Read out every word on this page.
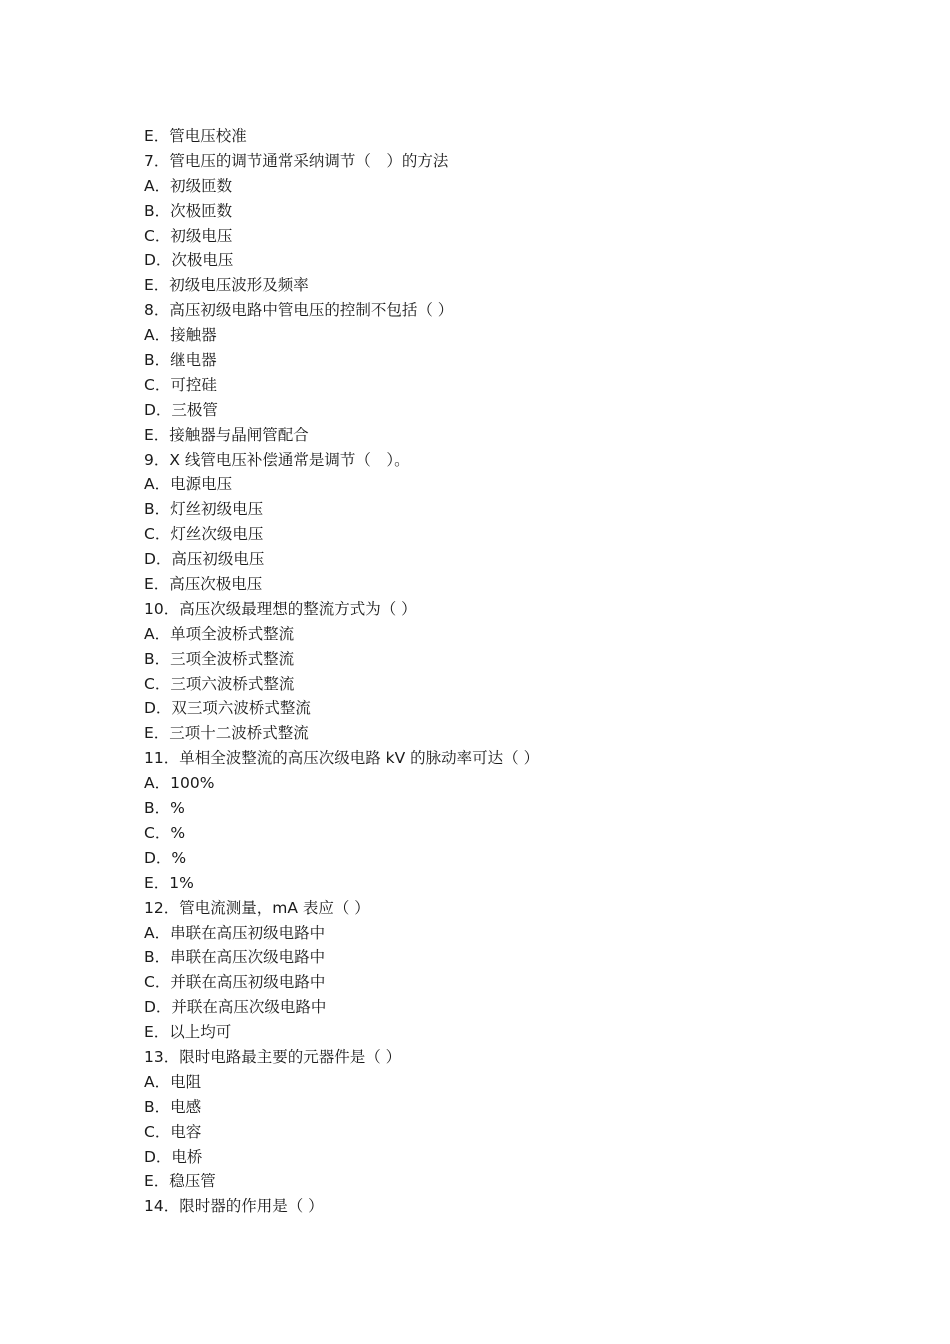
E．管电压校准
7．管电压的调节通常采纳调节（　）的方法
A．初级匝数
B．次极匝数
C．初级电压
D．次极电压
E．初级电压波形及频率
8．高压初级电路中管电压的控制不包括（ ）
A．接触器
B．继电器
C．可控硅
D．三极管
E．接触器与晶闸管配合
9．X 线管电压补偿通常是调节（　）。
A．电源电压
B．灯丝初级电压
C．灯丝次级电压
D．高压初级电压
E．高压次极电压
10．高压次级最理想的整流方式为（ ）
A．单项全波桥式整流
B．三项全波桥式整流
C．三项六波桥式整流
D．双三项六波桥式整流
E．三项十二波桥式整流
11．单相全波整流的高压次级电路 kV 的脉动率可达（ ）
A．100%
B．%
C．%
D．%
E．1%
12．管电流测量，mA 表应（ ）
A．串联在高压初级电路中
B．串联在高压次级电路中
C．并联在高压初级电路中
D．并联在高压次级电路中
E．以上均可
13．限时电路最主要的元器件是（ ）
A．电阻
B．电感
C．电容
D．电桥
E．稳压管
14．限时器的作用是（ ）
